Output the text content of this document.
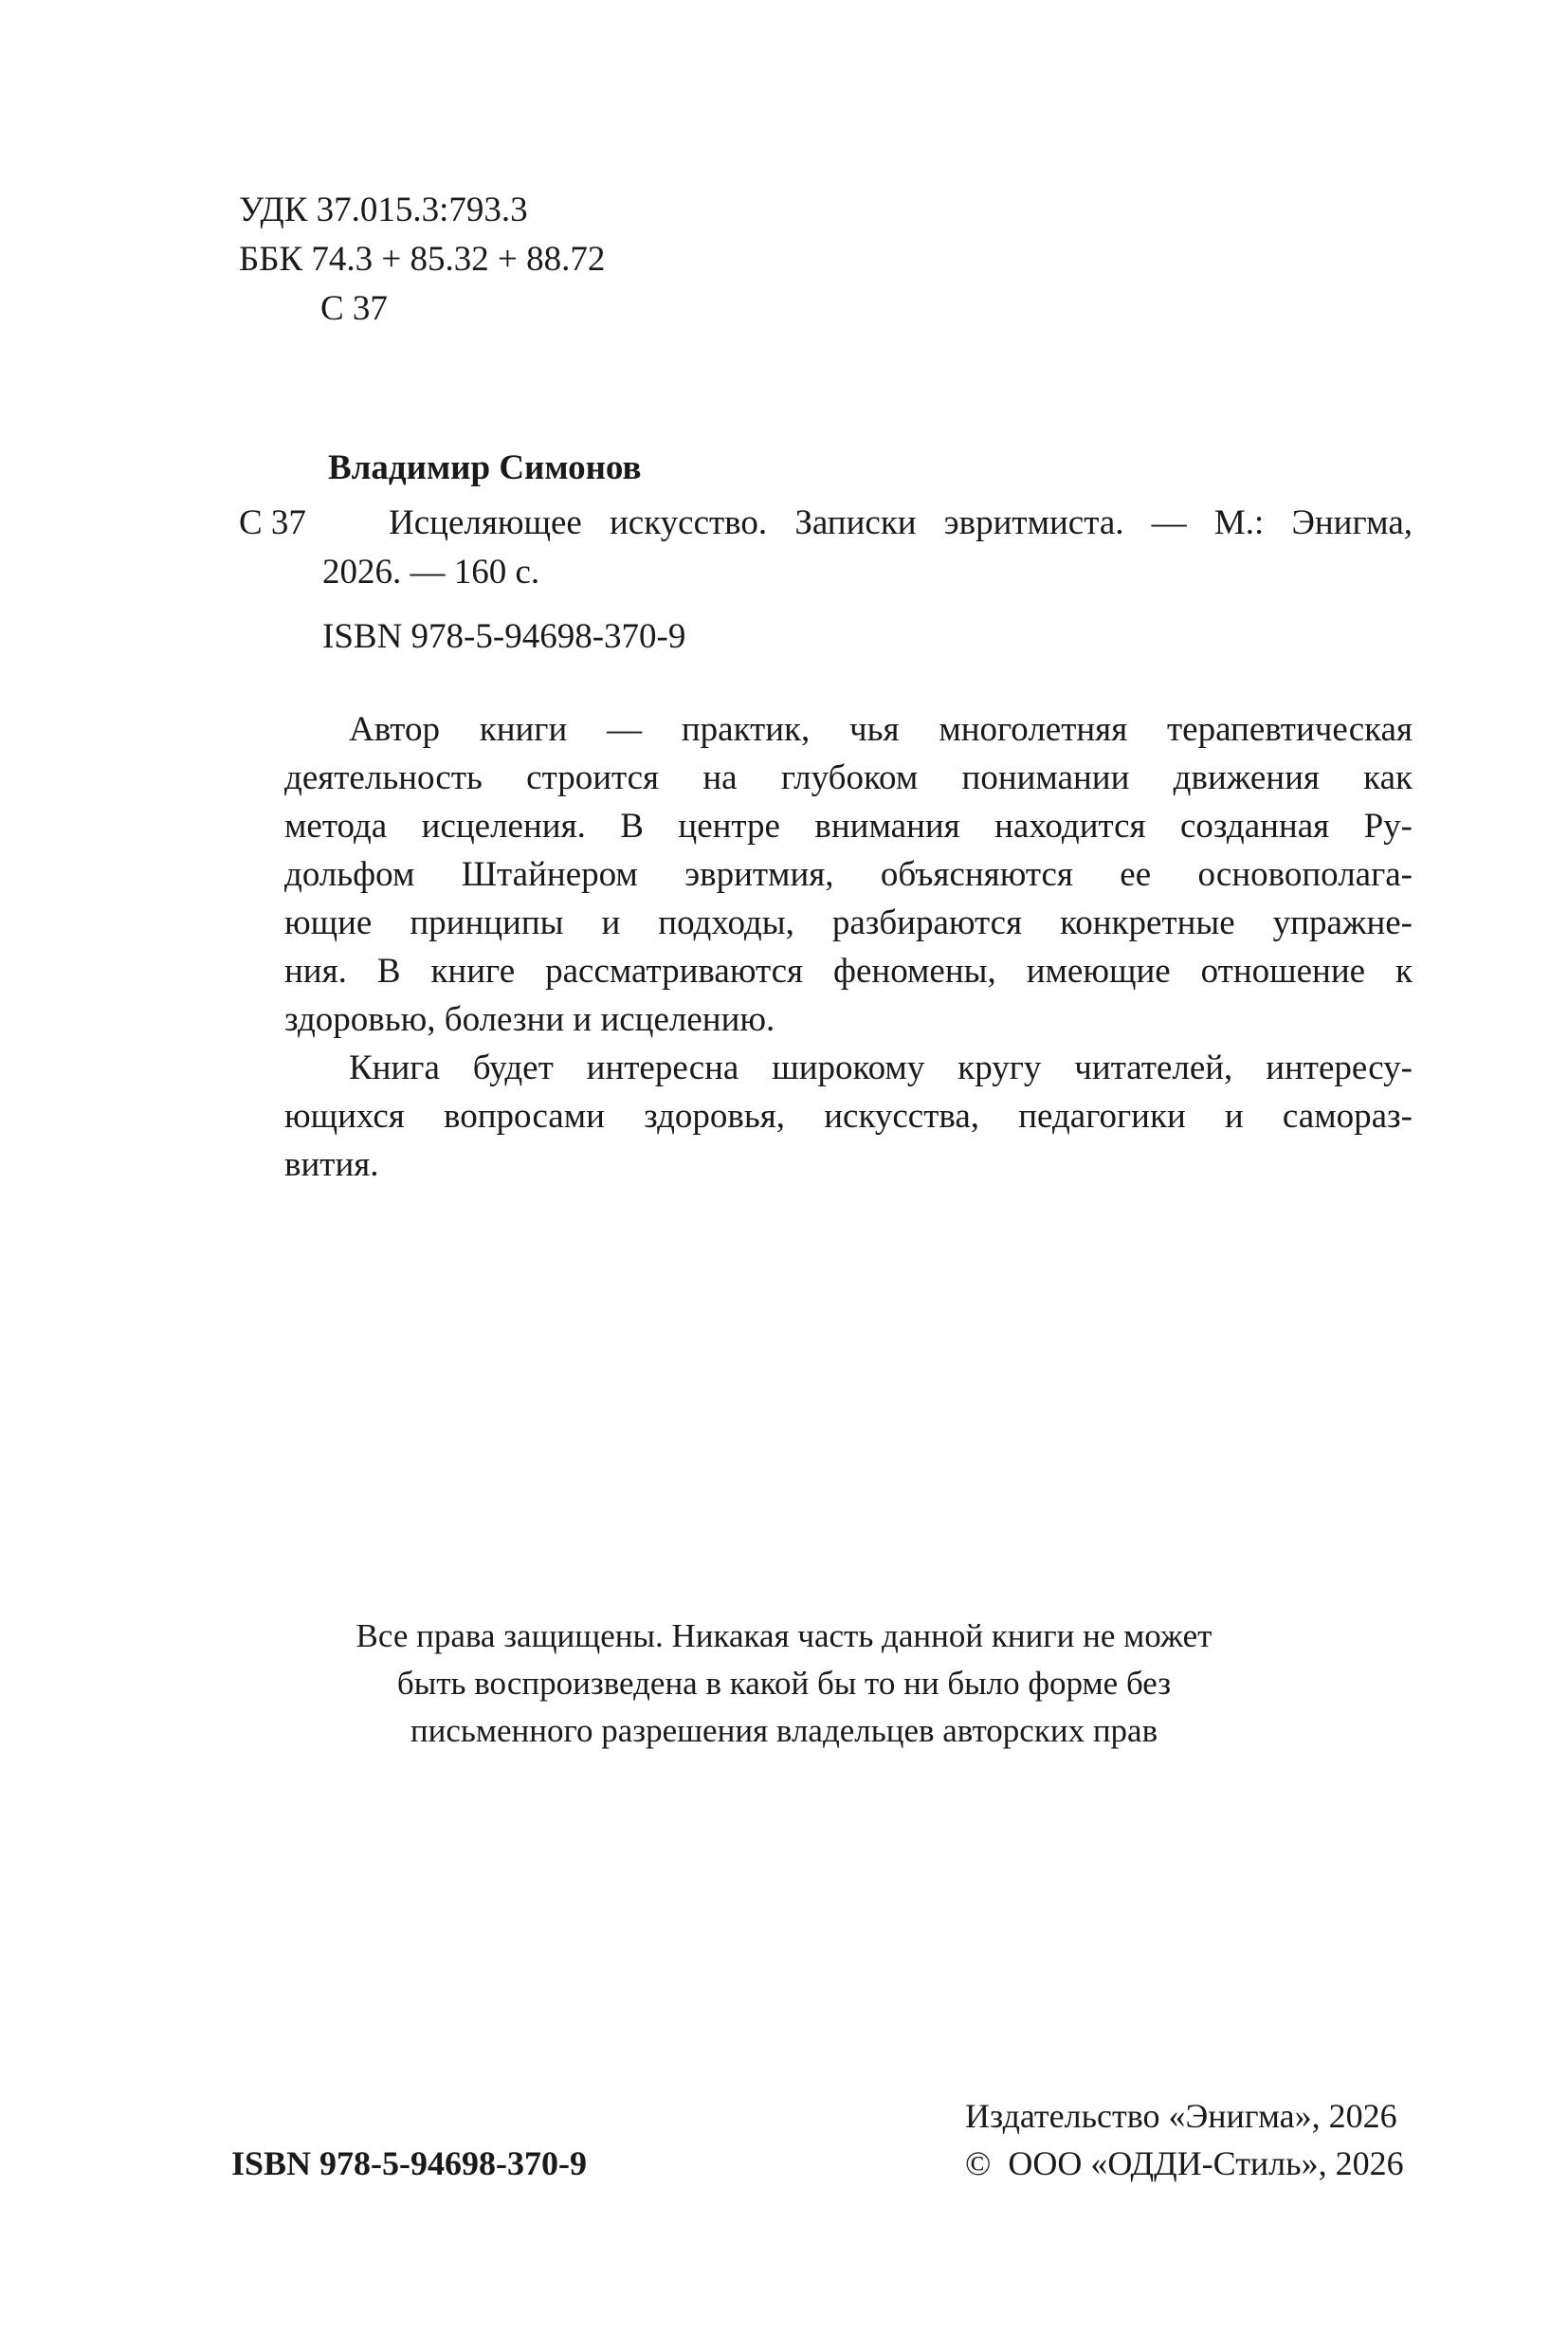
УДК 37.015.3:793.3
ББК 74.3 + 85.32 + 88.72
С 37
Владимир Симонов
С 37 Исцеляющее искусство. Записки эвритмиста. — М.: Энигма,
2026. — 160 с.
ISBN 978-5-94698-370-9
Автор книги — практик, чья многолетняя терапевтическая
деятельность строится на глубоком понимании движения как
метода исцеления. В центре внимания находится созданная Ру-
дольфом Штайнером эвритмия, объясняются ее основополага-
ющие принципы и подходы, разбираются конкретные упражне-
ния. В книге рассматриваются феномены, имеющие отношение к
здоровью, болезни и исцелению.
Книга будет интересна широкому кругу читателей, интересу-
ющихся вопросами здоровья, искусства, педагогики и самораз-
вития.
Все права защищены. Никакая часть данной книги не может
быть воспроизведена в какой бы то ни было форме без
письменного разрешения владельцев авторских прав
ISBN 978-5-94698-370-9
Издательство «Энигма», 2026
©  ООО «ОДДИ-Стиль», 2026
